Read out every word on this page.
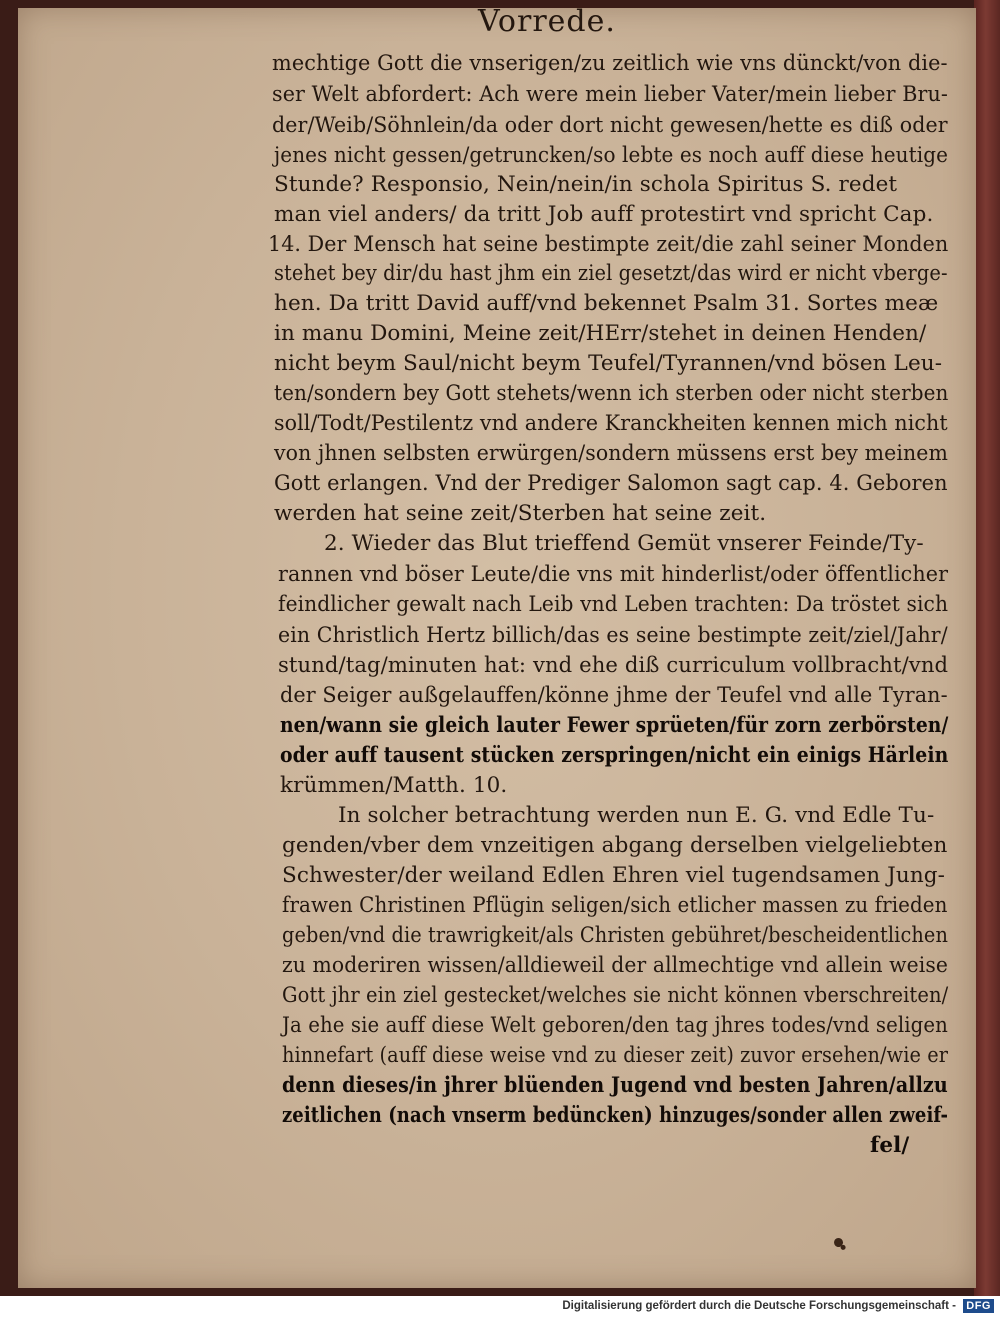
Vorrede.
mechtige Gott die vnserigen/zu zeitlich wie vns dünckt/von die-
ser Welt abfordert: Ach were mein lieber Vater/mein lieber Bru-
der/Weib/Söhnlein/da oder dort nicht gewesen/hette es diß oder
jenes nicht gessen/getruncken/so lebte es noch auff diese heutige
Stunde? Responsio, Nein/nein/in schola Spiritus S. redet
man viel anders/ da tritt Job auff protestirt vnd spricht Cap.
14. Der Mensch hat seine bestimpte zeit/die zahl seiner Monden
stehet bey dir/du hast jhm ein ziel gesetzt/das wird er nicht vberge-
hen. Da tritt David auff/vnd bekennet Psalm 31. Sortes meæ
in manu Domini, Meine zeit/HErr/stehet in deinen Henden/
nicht beym Saul/nicht beym Teufel/Tyrannen/vnd bösen Leu-
ten/sondern bey Gott stehets/wenn ich sterben oder nicht sterben
soll/Todt/Pestilentz vnd andere Kranckheiten kennen mich nicht
von jhnen selbsten erwürgen/sondern müssens erst bey meinem
Gott erlangen. Vnd der Prediger Salomon sagt cap. 4. Geboren
werden hat seine zeit/Sterben hat seine zeit.
2. Wieder das Blut trieffend Gemüt vnserer Feinde/Ty-
rannen vnd böser Leute/die vns mit hinderlist/oder öffentlicher
feindlicher gewalt nach Leib vnd Leben trachten: Da tröstet sich
ein Christlich Hertz billich/das es seine bestimpte zeit/ziel/Jahr/
stund/tag/minuten hat: vnd ehe diß curriculum vollbracht/vnd
der Seiger außgelauffen/könne jhme der Teufel vnd alle Tyran-
nen/wann sie gleich lauter Fewer sprüeten/für zorn zerbörsten/
oder auff tausent stücken zerspringen/nicht ein einigs Härlein
krümmen/Matth. 10.
In solcher betrachtung werden nun E. G. vnd Edle Tu-
genden/vber dem vnzeitigen abgang derselben vielgeliebten
Schwester/der weiland Edlen Ehren viel tugendsamen Jung-
frawen Christinen Pflügin seligen/sich etlicher massen zu frieden
geben/vnd die trawrigkeit/als Christen gebühret/bescheidentlichen
zu moderiren wissen/alldieweil der allmechtige vnd allein weise
Gott jhr ein ziel gestecket/welches sie nicht können vberschreiten/
Ja ehe sie auff diese Welt geboren/den tag jhres todes/vnd seligen
hinnefart (auff diese weise vnd zu dieser zeit) zuvor ersehen/wie er
denn dieses/in jhrer blüenden Jugend vnd besten Jahren/allzu
zeitlichen (nach vnserm bedüncken) hinzuges/sonder allen zweif-
fel/
Digitalisierung gefördert durch die Deutsche Forschungsgemeinschaft - DFG
